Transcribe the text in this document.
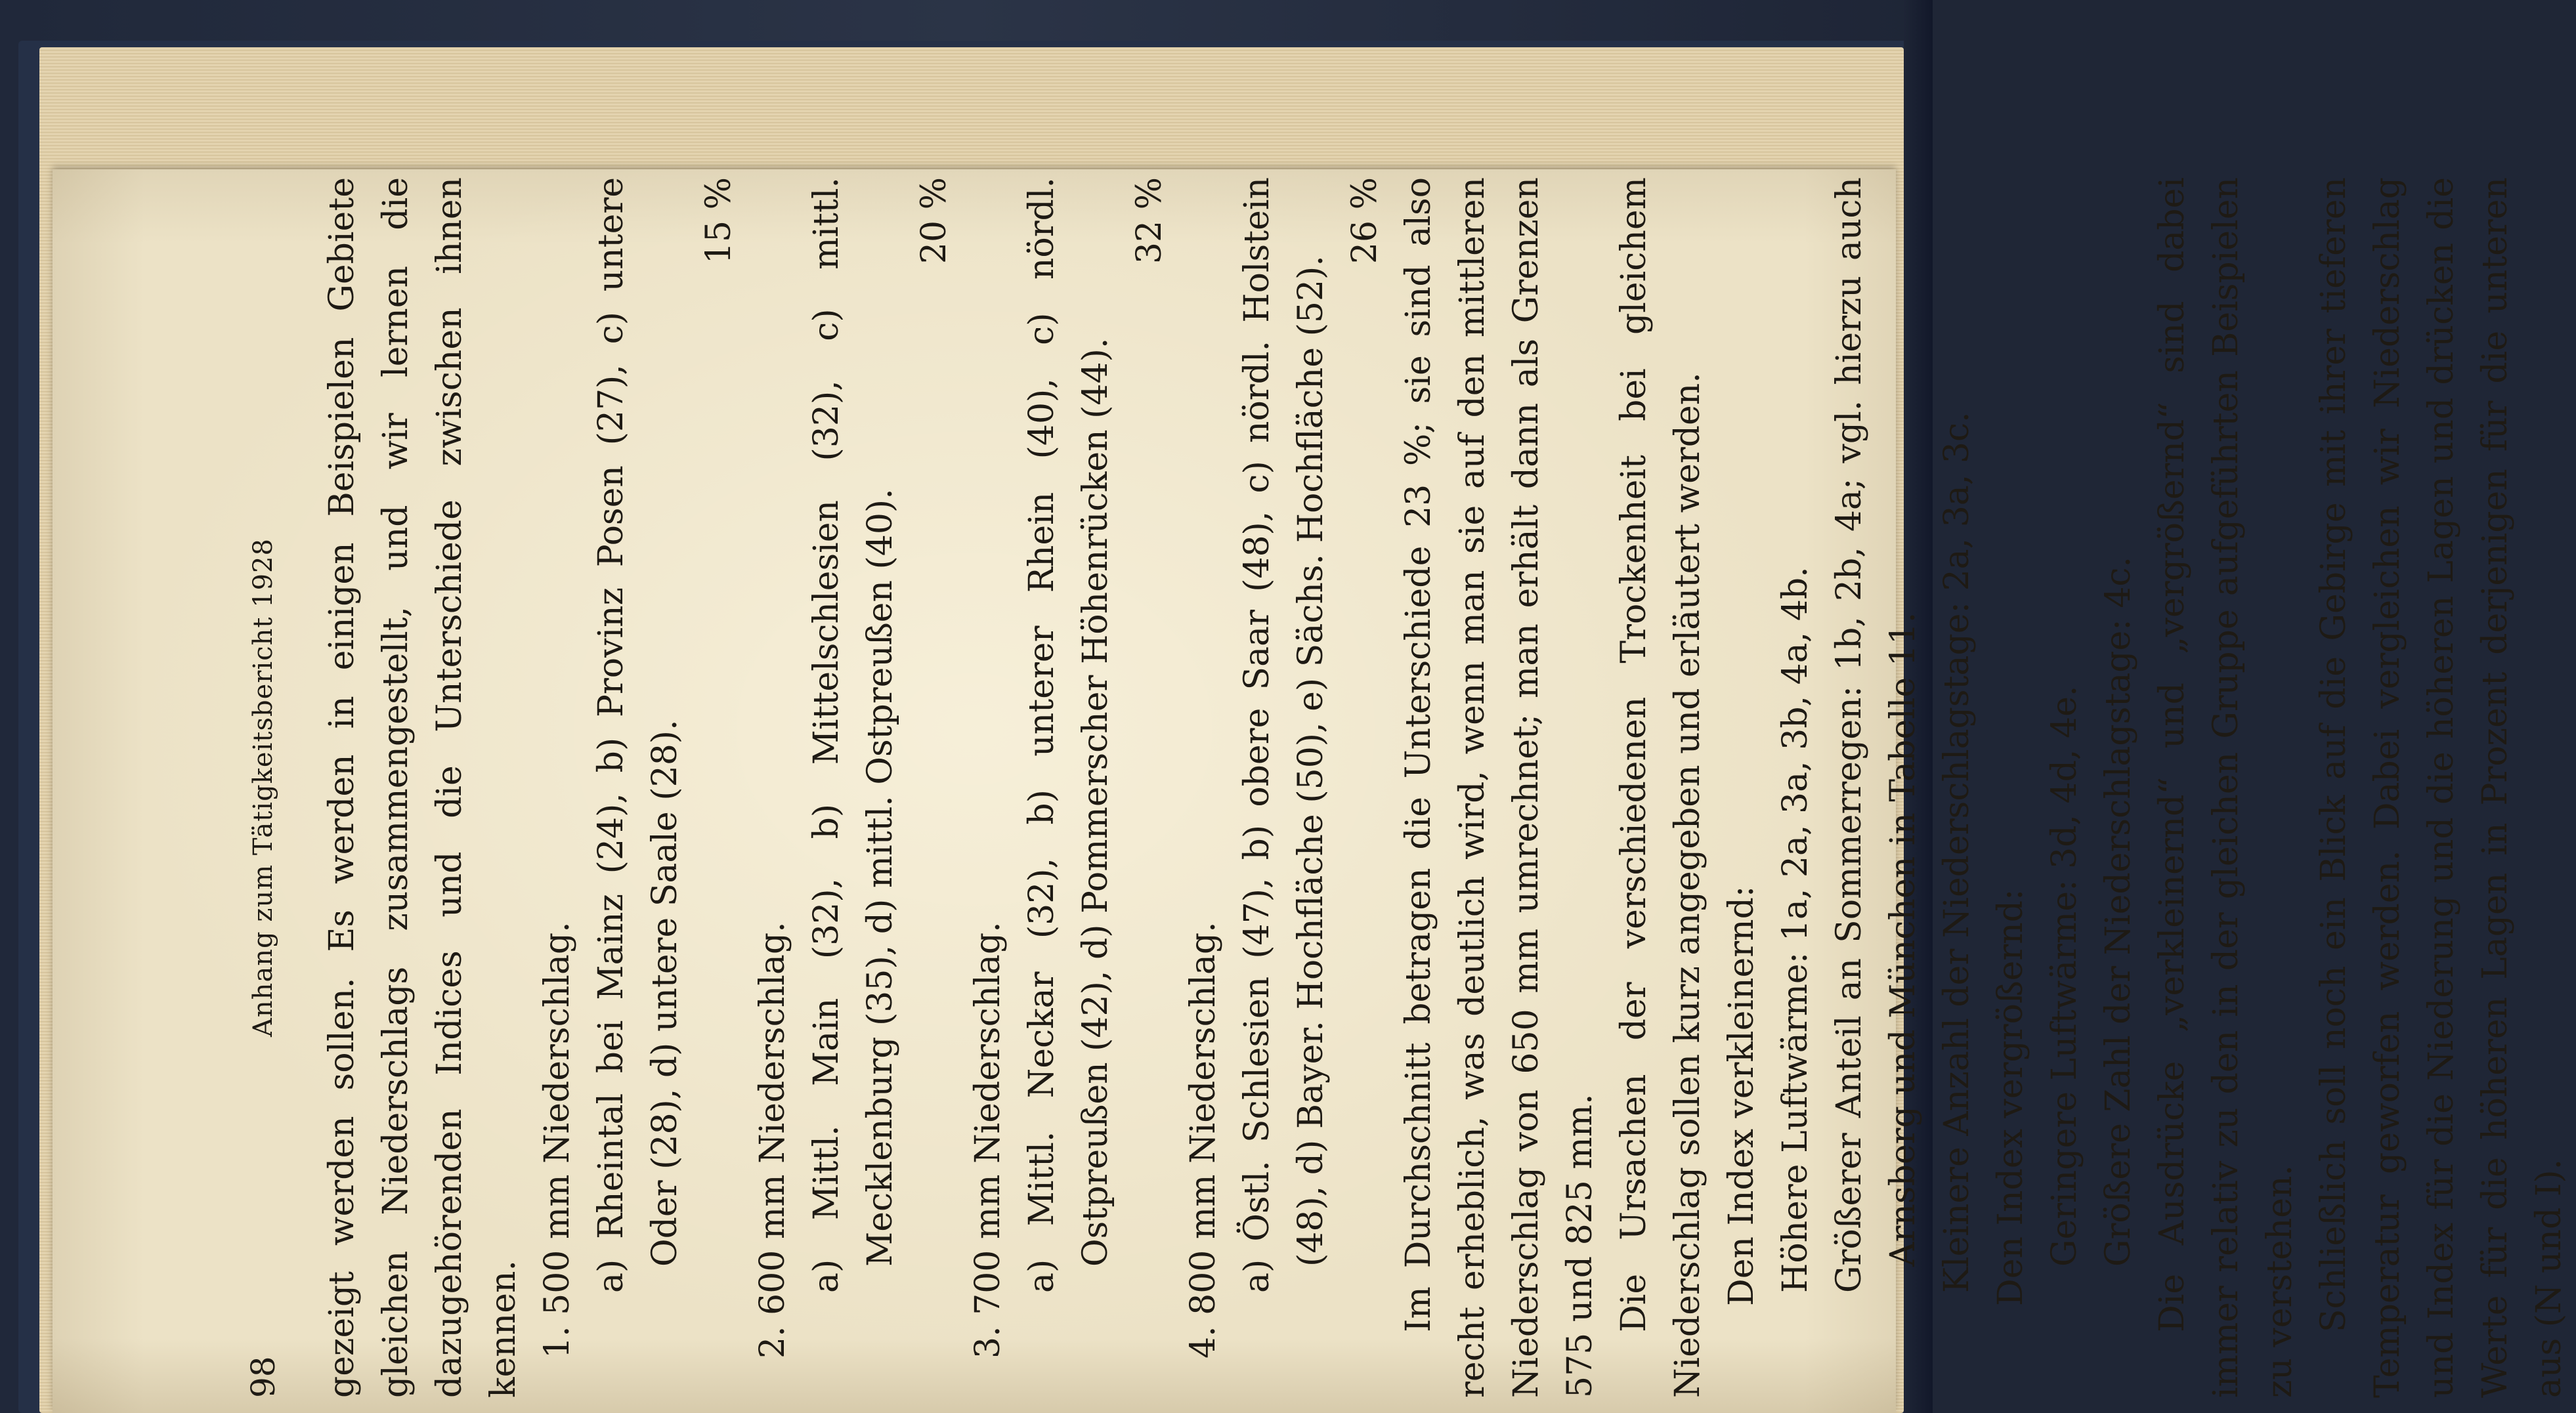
98
Anhang zum Tätigkeitsbericht 1928	gezeigt werden sollen. Es werden in einigen Beispielen Gebiete gleichen Niederschlags zusammengestellt, und wir lernen die dazugehörenden Indices und die Unterschiede zwischen ihnen kennen. 1. 500 mm Niederschlag. a) Rheintal bei Mainz (24), b) Provinz Posen (27), c) untere Oder (28), d) untere Saale (28).

15 %

2. 600 mm Niederschlag. a) Mittl. Main (32), b) Mittelschlesien (32), c) mittl. Mecklenburg (35), d) mittl. Ostpreußen (40).

20 %

3. 700 mm Niederschlag. a) Mittl. Neckar (32), b) unterer Rhein (40), c) nördl. Ostpreußen (42), d) Pommerscher Höhenrücken (44).

32 %

4. 800 mm Niederschlag. a) Östl. Schlesien (47), b) obere Saar (48), c) nördl. Holstein (48), d) Bayer. Hochfläche (50), e) Sächs. Hochfläche (52).

26 % Im Durchschnitt betragen die Unterschiede 23 %; sie sind also recht erheblich, was deutlich wird, wenn man sie auf den mittleren Niederschlag von 650 mm umrechnet; man erhält dann als Grenzen 575 und 825 mm. Die Ursachen der verschiedenen Trockenheit bei gleichem Niederschlag sollen kurz angegeben und erläutert werden. Den Index verkleinernd: Höhere Luftwärme: 1a, 2a, 3a, 3b, 4a, 4b. Größerer Anteil an Sommerregen: 1b, 2b, 4a; vgl. hierzu auch Arnsberg und München in Tabelle 11. Kleinere Anzahl der Niederschlagstage: 2a, 3a, 3c. Den Index vergrößernd: Geringere Luftwärme: 3d, 4d, 4e. Größere Zahl der Niederschlagstage: 4c. Die Ausdrücke „verkleinernd“ und „vergrößernd“ sind dabei immer relativ zu den in der gleichen Gruppe aufgeführten Beispielen zu verstehen. Schließlich soll noch ein Blick auf die Gebirge mit ihrer tieferen Temperatur geworfen werden. Dabei vergleichen wir Niederschlag und Index für die Niederung und die höheren Lagen und drücken die Werte für die höheren Lagen in Prozent derjenigen für die unteren aus (N und I).
